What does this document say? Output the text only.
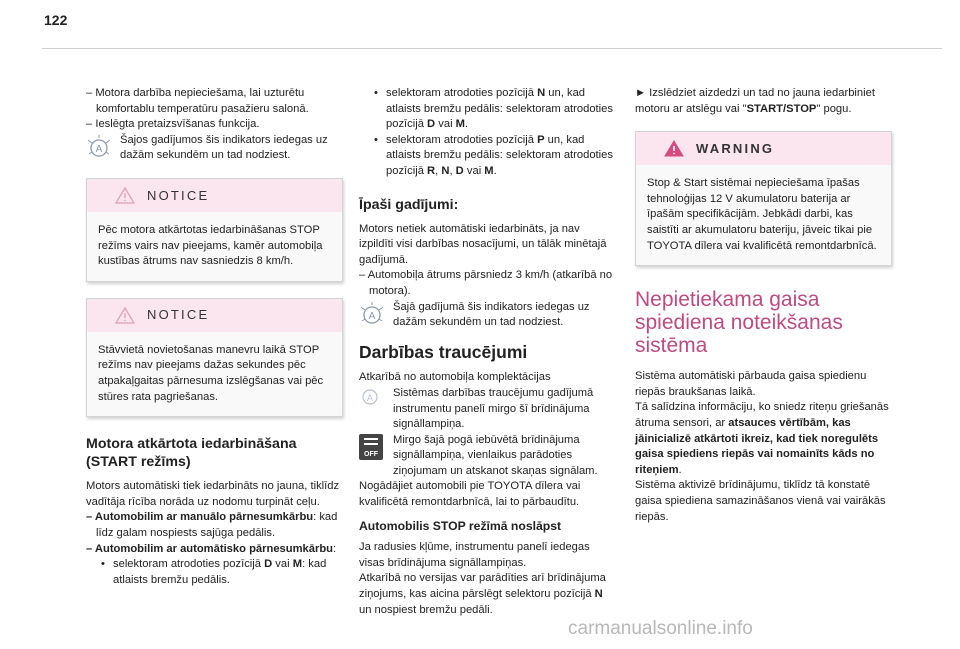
122

– Motora darbība nepieciešama, lai uzturētu komfortablu temperatūru pasažieru salonā.

– Ieslēgta pretaizsvīšanas funkcija.

A
Šajos gadījumos šis indikators iedegas uz dažām sekundēm un tad nodziest.

NOTICE
Pēc motora atkārtotas iedarbināšanas STOP režīms vairs nav pieejams, kamēr automobiļa kustības ātrums nav sasniedzis 8 km/h.
NOTICE
Stāvvietā novietošanas manevru laikā STOP režīms nav pieejams dažas sekundes pēc atpakaļgaitas pārnesuma izslēgšanas vai pēc stūres rata pagriešanas.
Motora atkārtota iedarbināšana (START režīms)

Motors automātiski tiek iedarbināts no jauna, tiklīdz vadītāja rīcība norāda uz nodomu turpināt ceļu.

– Automobilim ar manuālo pārnesumkārbu: kad līdz galam nospiests sajūga pedālis.

– Automobilim ar automātisko pārnesumkārbu:

• selektoram atrodoties pozīcijā D vai M: kad atlaists bremžu pedālis.

• selektoram atrodoties pozīcijā N un, kad atlaists bremžu pedālis: selektoram atrodoties pozīcijā D vai M.

• selektoram atrodoties pozīcijā P un, kad atlaists bremžu pedālis: selektoram atrodoties pozīcijā R, N, D vai M.

Īpaši gadījumi:

Motors netiek automātiski iedarbināts, ja nav izpildīti visi darbības nosacījumi, un tālāk minētajā gadījumā.

– Automobiļa ātrums pārsniedz 3 km/h (atkarībā no motora).

A
Šajā gadījumā šis indikators iedegas uz dažām sekundēm un tad nodziest.

Darbības traucējumi

Atkarībā no automobiļa komplektācijas

A Sistēmas darbības traucējumu gadījumā instrumentu panelī mirgo šī brīdinājuma signāllampiņa.

OFF
Mirgo šajā pogā iebūvētā brīdinājuma signāllampiņa, vienlaikus parādoties ziņojumam un atskanot skaņas signālam.

Nogādājiet automobili pie TOYOTA dīlera vai kvalificētā remontdarbnīcā, lai to pārbaudītu.

Automobilis STOP režīmā noslāpst

Ja radusies kļūme, instrumentu panelī iedegas visas brīdinājuma signāllampiņas.

Atkarībā no versijas var parādīties arī brīdinājuma ziņojums, kas aicina pārslēgt selektoru pozīcijā N un nospiest bremžu pedāli.

► Izslēdziet aizdedzi un tad no jauna iedarbiniet motoru ar atslēgu vai "START/STOP" pogu.

WARNING
Stop & Start sistēmai nepieciešama īpašas tehnoloģijas 12 V akumulatoru baterija ar īpašām specifikācijām. Jebkādi darbi, kas saistīti ar akumulatoru bateriju, jāveic tikai pie TOYOTA dīlera vai kvalificētā remontdarbnīcā.
Nepietiekama gaisa spiediena noteikšanas sistēma

Sistēma automātiski pārbauda gaisa spiedienu riepās braukšanas laikā.

Tā salīdzina informāciju, ko sniedz riteņu griešanās ātruma sensori, ar atsauces vērtībām, kas jāinicializē atkārtoti ikreiz, kad tiek noregulēts gaisa spiediens riepās vai nomainīts kāds no riteņiem.

Sistēma aktivizē brīdinājumu, tiklīdz tā konstatē gaisa spiediena samazināšanos vienā vai vairākās riepās.

carmanualsonline.info
